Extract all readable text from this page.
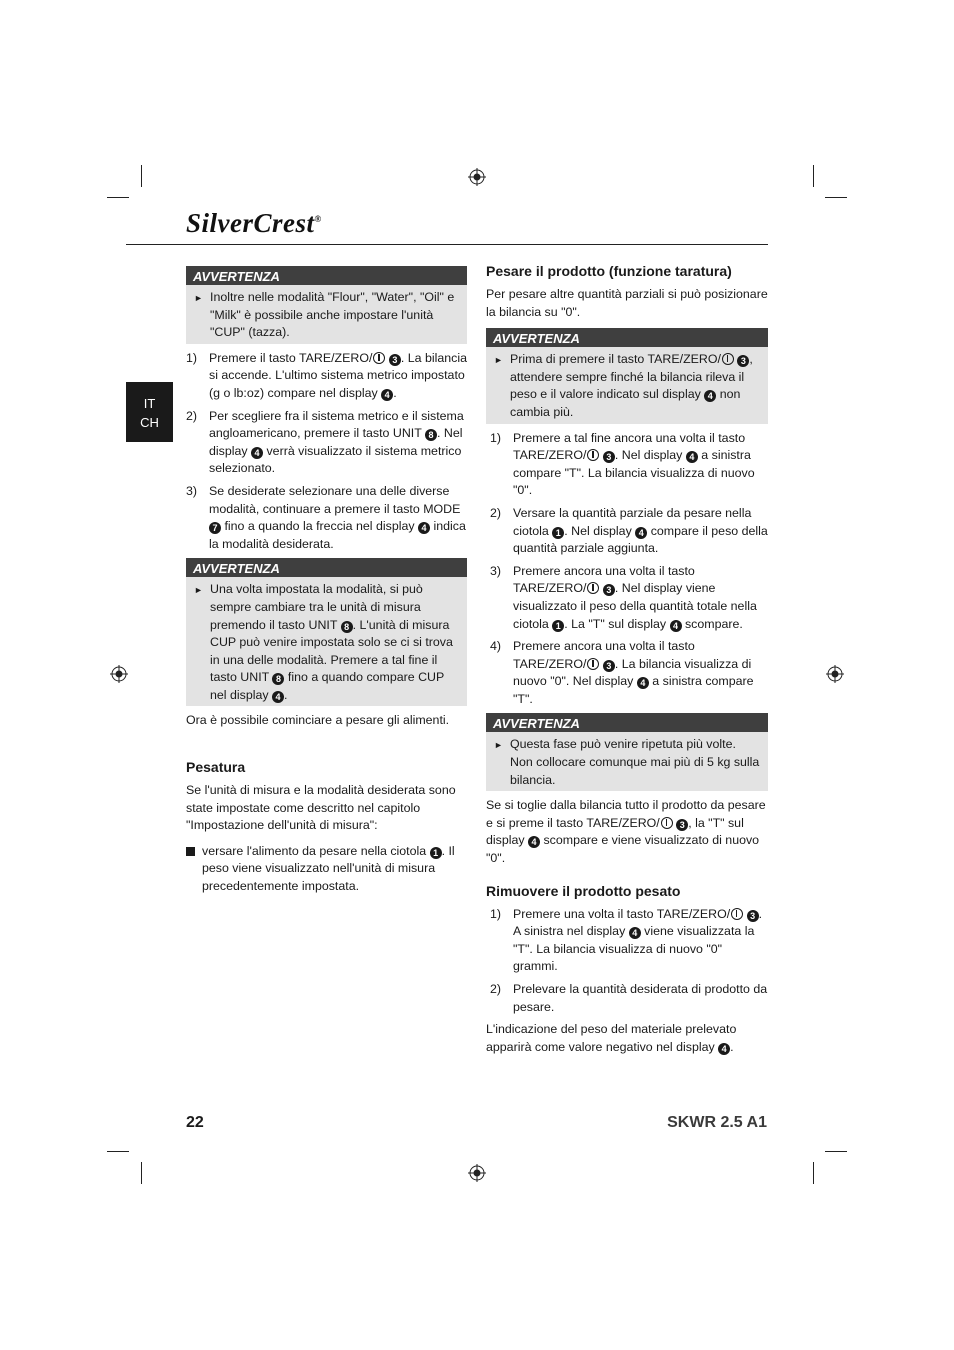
SilverCrest®
IT
CH
AVVERTENZA
► Inoltre nelle modalità "Flour", "Water", "Oil" e "Milk" è possibile anche impostare l'unità "CUP" (tazza).
1) Premere il tasto TARE/ZERO/ 3 . La bilancia si accende. L'ultimo sistema metrico impostato (g o lb:oz) compare nel display 4 .
2) Per scegliere fra il sistema metrico e il sistema angloamericano, premere il tasto UNIT 8 . Nel display 4 verrà visualizzato il sistema metrico selezionato.
3) Se desiderate selezionare una delle diverse modalità, continuare a premere il tasto MODE 7 fino a quando la freccia nel display 4 indica la modalità desiderata.
AVVERTENZA
► Una volta impostata la modalità, si può sempre cambiare tra le unità di misura premendo il tasto UNIT 8 . L'unità di misura CUP può venire impostata solo se ci si trova in una delle modalità. Premere a tal fine il tasto UNIT 8 fino a quando compare CUP nel display 4 .
Ora è possibile cominciare a pesare gli alimenti.
Pesatura
Se l'unità di misura e la modalità desiderata sono state impostate come descritto nel capitolo "Impostazione dell'unità di misura":
versare l'alimento da pesare nella ciotola 1 . Il peso viene visualizzato nell'unità di misura precedentemente impostata.
Pesare il prodotto (funzione taratura)
Per pesare altre quantità parziali si può posizionare la bilancia su "0".
AVVERTENZA
► Prima di premere il tasto TARE/ZERO/ 3 , attendere sempre finché la bilancia rileva il peso e il valore indicato sul display 4 non cambia più.
1) Premere a tal fine ancora una volta il tasto TARE/ZERO/ 3 . Nel display 4 a sinistra compare "T". La bilancia visualizza di nuovo "0".
2) Versare la quantità parziale da pesare nella ciotola 1 . Nel display 4 compare il peso della quantità parziale aggiunta.
3) Premere ancora una volta il tasto TARE/ZERO/ 3 . Nel display viene visualizzato il peso della quantità totale nella ciotola 1 . La "T" sul display 4 scompare.
4) Premere ancora una volta il tasto TARE/ZERO/ 3 . La bilancia visualizza di nuovo "0". Nel display 4 a sinistra compare "T".
AVVERTENZA
► Questa fase può venire ripetuta più volte. Non collocare comunque mai più di 5 kg sulla bilancia.
Se si toglie dalla bilancia tutto il prodotto da pesare e si preme il tasto TARE/ZERO/ 3 , la "T" sul display 4 scompare e viene visualizzato di nuovo "0".
Rimuovere il prodotto pesato
1) Premere una volta il tasto TARE/ZERO/ 3 . A sinistra nel display 4 viene visualizzata la "T". La bilancia visualizza di nuovo "0" grammi.
2) Prelevare la quantità desiderata di prodotto da pesare.
L'indicazione del peso del materiale prelevato apparirà come valore negativo nel display 4 .
22	SKWR 2.5 A1
